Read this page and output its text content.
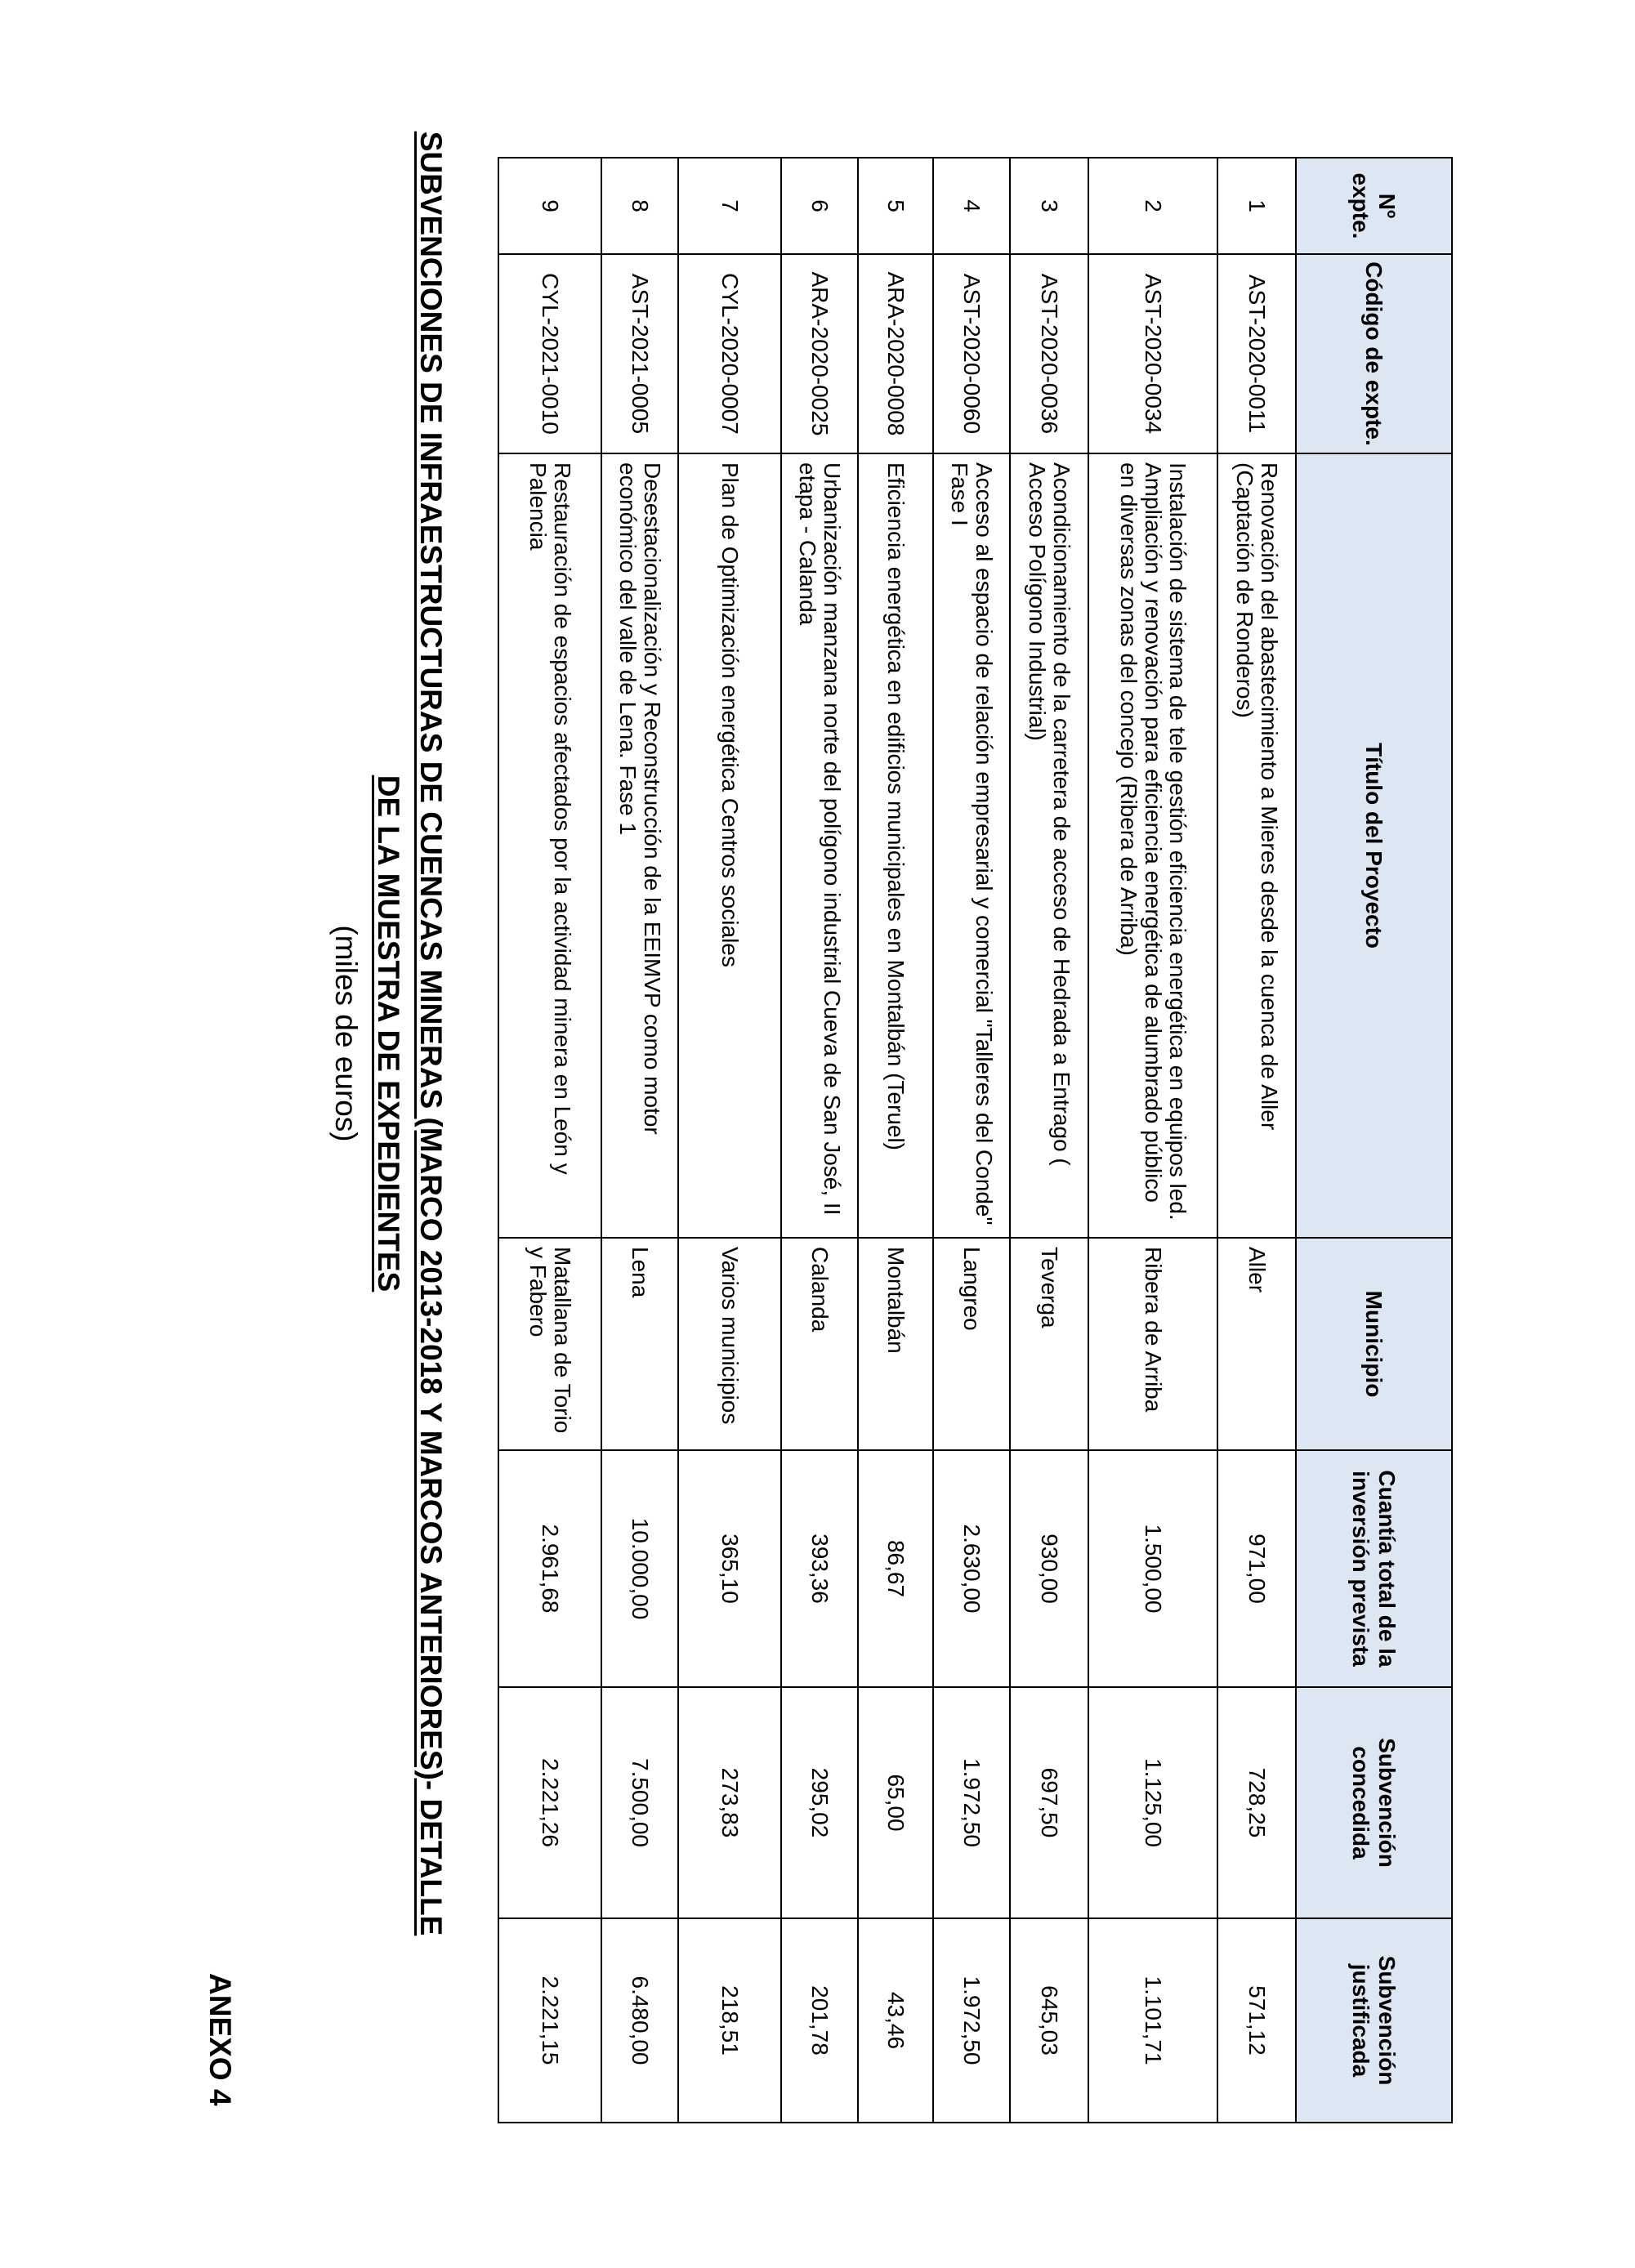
ANEXO 4

SUBVENCIONES DE INFRAESTRUCTURAS DE CUENCAS MINERAS (MARCO 2013-2018 Y MARCOS ANTERIORES)- DETALLE

DE LA MUESTRA DE EXPEDIENTES

(miles de euros)

Nº expte.	Código de expte.	Título del Proyecto	Municipio	Cuantía total de la inversión prevista	Subvención concedida	Subvención justificada
1	AST-2020-0011	Renovación del abastecimiento a Mieres desde la cuenca de Aller (Captación de Ronderos)	Aller	971,00	728,25	571,12
2	AST-2020-0034	Instalación de sistema de tele gestión eficiencia energética en equipos led. Ampliación y renovación para eficiencia energética de alumbrado público en diversas zonas del concejo (Ribera de Arriba)	Ribera de Arriba	1.500,00	1.125,00	1.101,71
3	AST-2020-0036	Acondicionamiento de la carretera de acceso de Hedrada a Entrago ( Acceso Polígono Industrial)	Teverga	930,00	697,50	645,03
4	AST-2020-0060	Acceso al espacio de relación empresarial y comercial "Talleres del Conde" Fase I	Langreo	2.630,00	1.972,50	1.972,50
5	ARA-2020-0008	Eficiencia energética en edificios municipales en Montalbán (Teruel)	Montalbán	86,67	65,00	43,46
6	ARA-2020-0025	Urbanización manzana norte del polígono industrial Cueva de San José, II etapa - Calanda	Calanda	393,36	295,02	201,78
7	CYL-2020-0007	Plan de Optimización energética Centros sociales	Varios municipios	365,10	273,83	218,51
8	AST-2021-0005	Desestacionalización y Reconstrucción de la EEIMVP como motor económico del valle de Lena. Fase 1	Lena	10.000,00	7.500,00	6.480,00
9	CYL-2021-0010	Restauración de espacios afectados por la actividad minera en León y Palencia	Matallana de Torio y Fabero	2.961,68	2.221,26	2.221,15
